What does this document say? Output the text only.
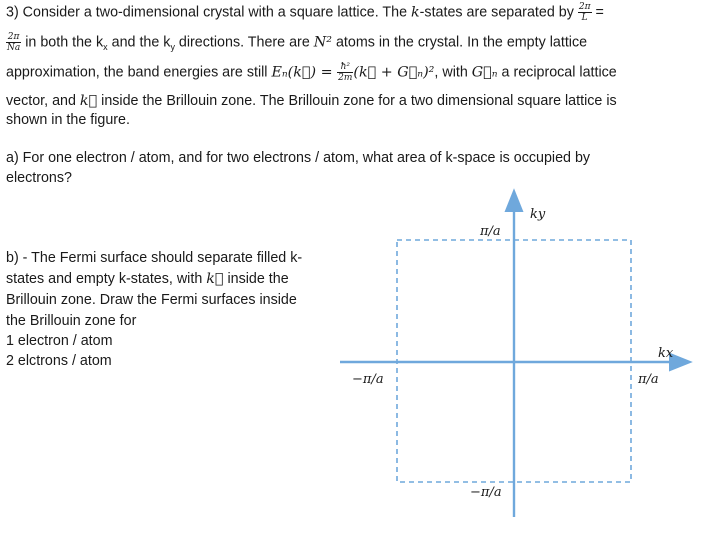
3) Consider a two-dimensional crystal with a square lattice. The k-states are separated by $\frac{2\pi}{L}$ =
$\frac{2\pi}{Na}$ in both the $k_x$ and the $k_y$ directions. There are N² atoms in the crystal. In the empty lattice
approximation, the band energies are still Eₙ(k⃗) = $\frac{\text{ħ²}}{2m}$ (k⃗ + G⃗ₙ)², with G⃗ₙ a reciprocal lattice
vector, and k⃗ inside the Brillouin zone. The Brillouin zone for a two dimensional square lattice is
shown in the figure.
a) For one electron / atom, and for two electrons / atom, what area of k-space is occupied by
electrons?
b) - The Fermi surface should separate filled k-
states and empty k-states, with k⃗ inside the
Brillouin zone. Draw the Fermi surfaces inside
the Brillouin zone for
1 electron / atom
2 elctrons / atom
ky
kx
π/a
−π/a
−π/a	π/a
